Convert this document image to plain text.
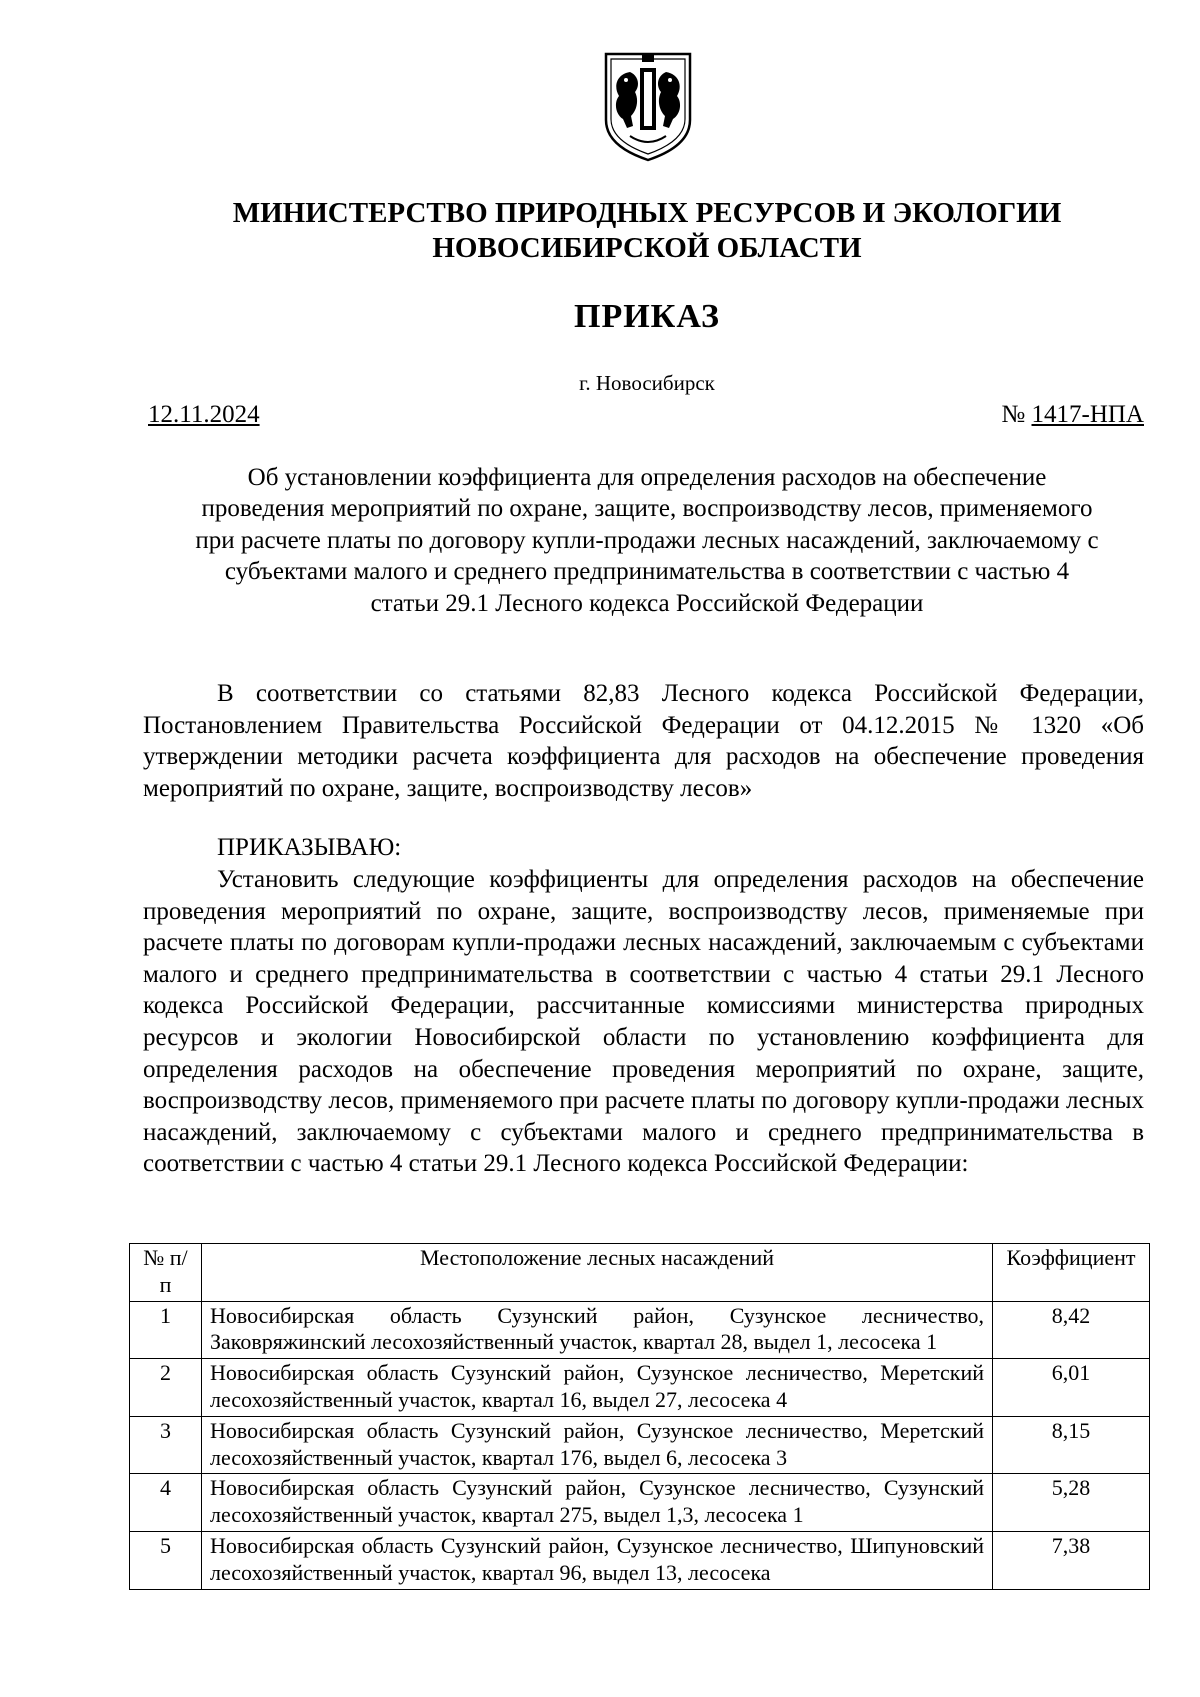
МИНИСТЕРСТВО ПРИРОДНЫХ РЕСУРСОВ И ЭКОЛОГИИ
НОВОСИБИРСКОЙ ОБЛАСТИ
ПРИКАЗ
г. Новосибирск
12.11.2024	№ 1417-НПА
Об установлении коэффициента для определения расходов на обеспечение проведения мероприятий по охране, защите, воспроизводству лесов, применяемого при расчете платы по договору купли-продажи лесных насаждений, заключаемому с субъектами малого и среднего предпринимательства в соответствии с частью 4 статьи 29.1 Лесного кодекса Российской Федерации
В соответствии со статьями 82,83 Лесного кодекса Российской Федерации, Постановлением Правительства Российской Федерации от 04.12.2015 № 1320 «Об утверждении методики расчета коэффициента для расходов на обеспечение проведения мероприятий по охране, защите, воспроизводству лесов»
ПРИКАЗЫВАЮ:
Установить следующие коэффициенты для определения расходов на обеспечение проведения мероприятий по охране, защите, воспроизводству лесов, применяемые при расчете платы по договорам купли-продажи лесных насаждений, заключаемым с субъектами малого и среднего предпринимательства в соответствии с частью 4 статьи 29.1 Лесного кодекса Российской Федерации, рассчитанные комиссиями министерства природных ресурсов и экологии Новосибирской области по установлению коэффициента для определения расходов на обеспечение проведения мероприятий по охране, защите, воспроизводству лесов, применяемого при расчете платы по договору купли-продажи лесных насаждений, заключаемому с субъектами малого и среднего предпринимательства в соответствии с частью 4 статьи 29.1 Лесного кодекса Российской Федерации:
№ п/п	Местоположение лесных насаждений	Коэффициент
1	Новосибирская область Сузунский район, Сузунское лесничество, Заковряжинский лесохозяйственный участок, квартал 28, выдел 1, лесосека 1	8,42
2	Новосибирская область Сузунский район, Сузунское лесничество, Меретский лесохозяйственный участок, квартал 16, выдел 27, лесосека 4	6,01
3	Новосибирская область Сузунский район, Сузунское лесничество, Меретский лесохозяйственный участок, квартал 176, выдел 6, лесосека 3	8,15
4	Новосибирская область Сузунский район, Сузунское лесничество, Сузунский лесохозяйственный участок, квартал 275, выдел 1,3, лесосека 1	5,28
5	Новосибирская область Сузунский район, Сузунское лесничество, Шипуновский лесохозяйственный участок, квартал 96, выдел 13, лесосека	7,38
